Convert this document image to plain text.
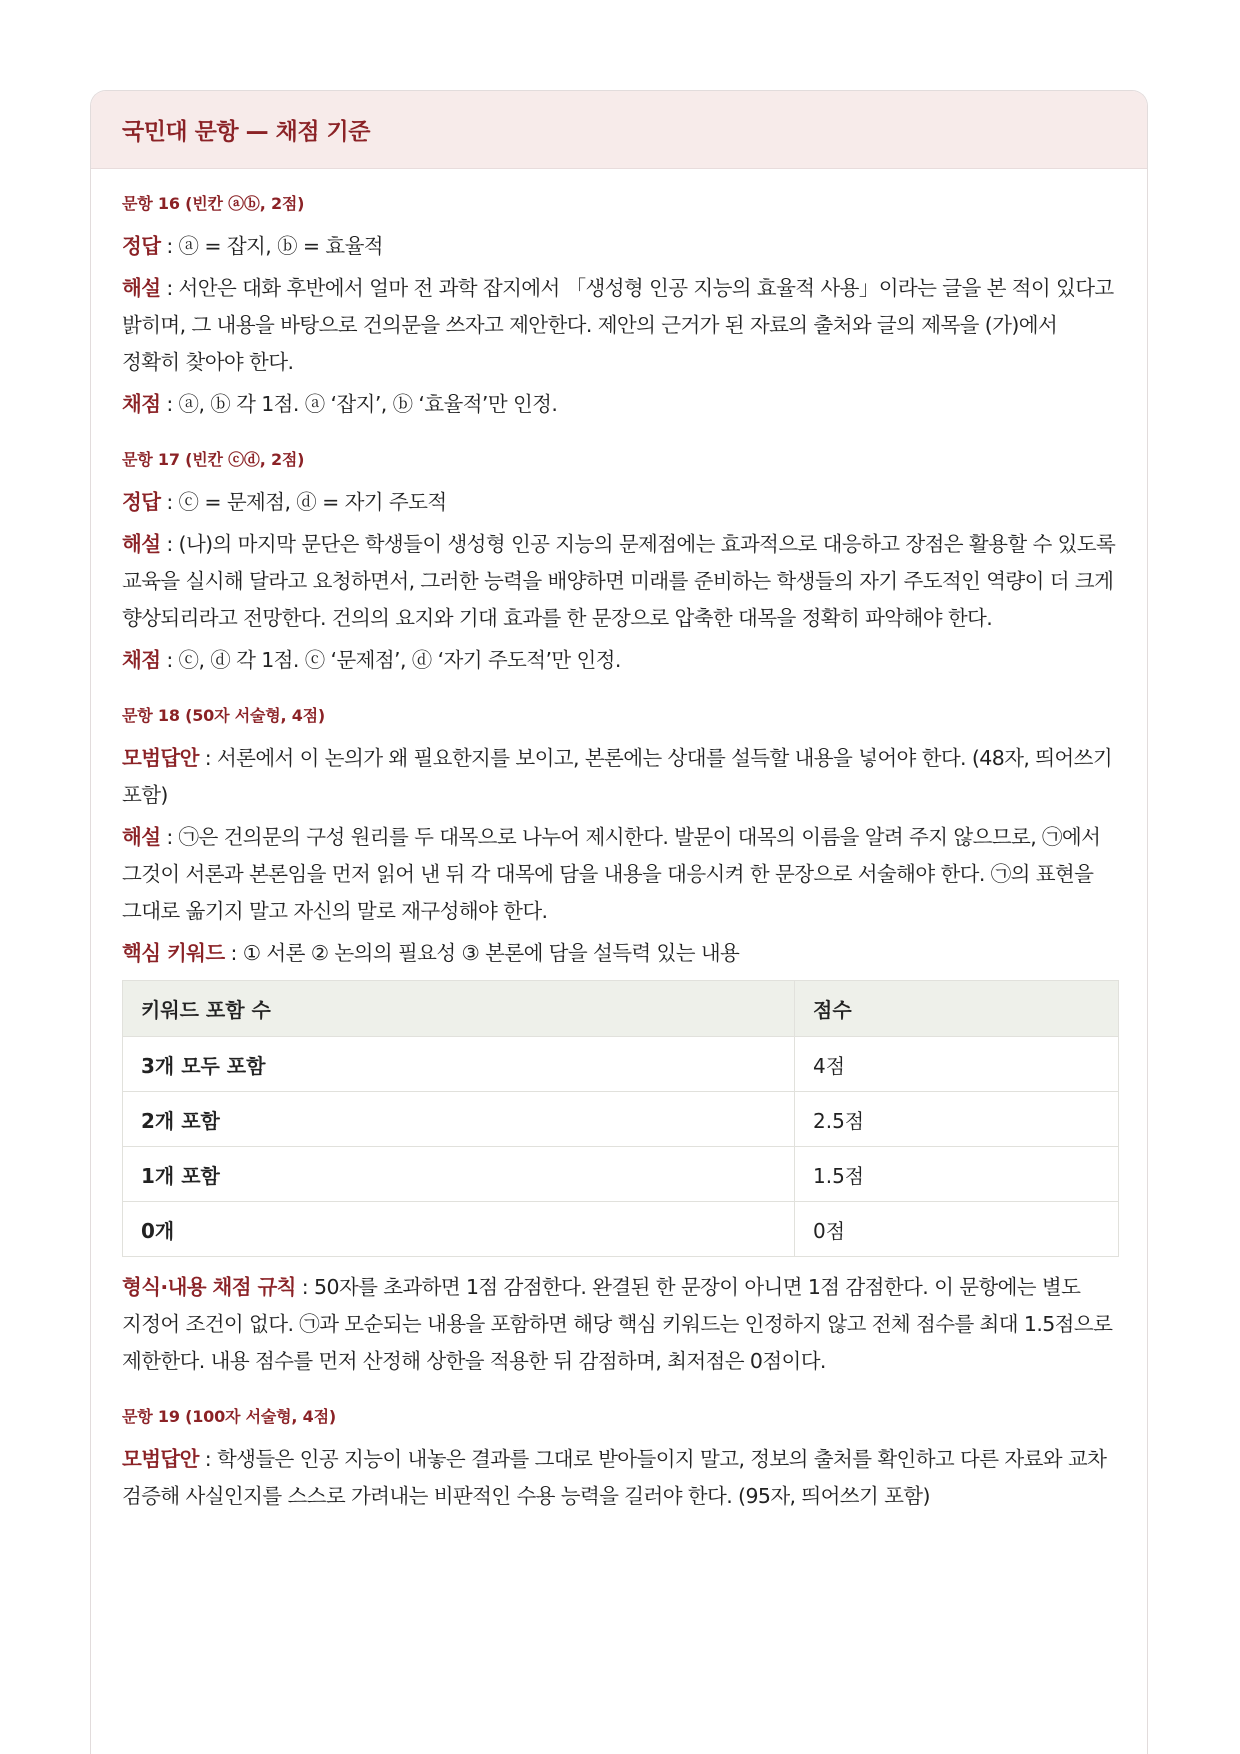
국민대 문항 — 채점 기준
문항 16 (빈칸 ⓐⓑ, 2점)

정답 : ⓐ = 잡지, ⓑ = 효율적

해설 : 서안은 대화 후반에서 얼마 전 과학 잡지에서 「생성형 인공 지능의 효율적 사용」이라는 글을 본 적이 있다고 밝히며, 그 내용을 바탕으로 건의문을 쓰자고 제안한다. 제안의 근거가 된 자료의 출처와 글의 제목을 (가)에서 정확히 찾아야 한다.

채점 : ⓐ, ⓑ 각 1점. ⓐ ‘잡지’, ⓑ ‘효율적’만 인정.

문항 17 (빈칸 ⓒⓓ, 2점)

정답 : ⓒ = 문제점, ⓓ = 자기 주도적

해설 : (나)의 마지막 문단은 학생들이 생성형 인공 지능의 문제점에는 효과적으로 대응하고 장점은 활용할 수 있도록 교육을 실시해 달라고 요청하면서, 그러한 능력을 배양하면 미래를 준비하는 학생들의 자기 주도적인 역량이 더 크게 향상되리라고 전망한다. 건의의 요지와 기대 효과를 한 문장으로 압축한 대목을 정확히 파악해야 한다.

채점 : ⓒ, ⓓ 각 1점. ⓒ ‘문제점’, ⓓ ‘자기 주도적’만 인정.

문항 18 (50자 서술형, 4점)

모범답안 : 서론에서 이 논의가 왜 필요한지를 보이고, 본론에는 상대를 설득할 내용을 넣어야 한다. (48자, 띄어쓰기 포함)

해설 : ㉠은 건의문의 구성 원리를 두 대목으로 나누어 제시한다. 발문이 대목의 이름을 알려 주지 않으므로, ㉠에서 그것이 서론과 본론임을 먼저 읽어 낸 뒤 각 대목에 담을 내용을 대응시켜 한 문장으로 서술해야 한다. ㉠의 표현을 그대로 옮기지 말고 자신의 말로 재구성해야 한다.

핵심 키워드 : ① 서론 ② 논의의 필요성 ③ 본론에 담을 설득력 있는 내용

키워드 포함 수	점수
3개 모두 포함	4점
2개 포함	2.5점
1개 포함	1.5점
0개	0점

형식·내용 채점 규칙 : 50자를 초과하면 1점 감점한다. 완결된 한 문장이 아니면 1점 감점한다. 이 문항에는 별도 지정어 조건이 없다. ㉠과 모순되는 내용을 포함하면 해당 핵심 키워드는 인정하지 않고 전체 점수를 최대 1.5점으로 제한한다. 내용 점수를 먼저 산정해 상한을 적용한 뒤 감점하며, 최저점은 0점이다.

문항 19 (100자 서술형, 4점)

모범답안 : 학생들은 인공 지능이 내놓은 결과를 그대로 받아들이지 말고, 정보의 출처를 확인하고 다른 자료와 교차 검증해 사실인지를 스스로 가려내는 비판적인 수용 능력을 길러야 한다. (95자, 띄어쓰기 포함)
